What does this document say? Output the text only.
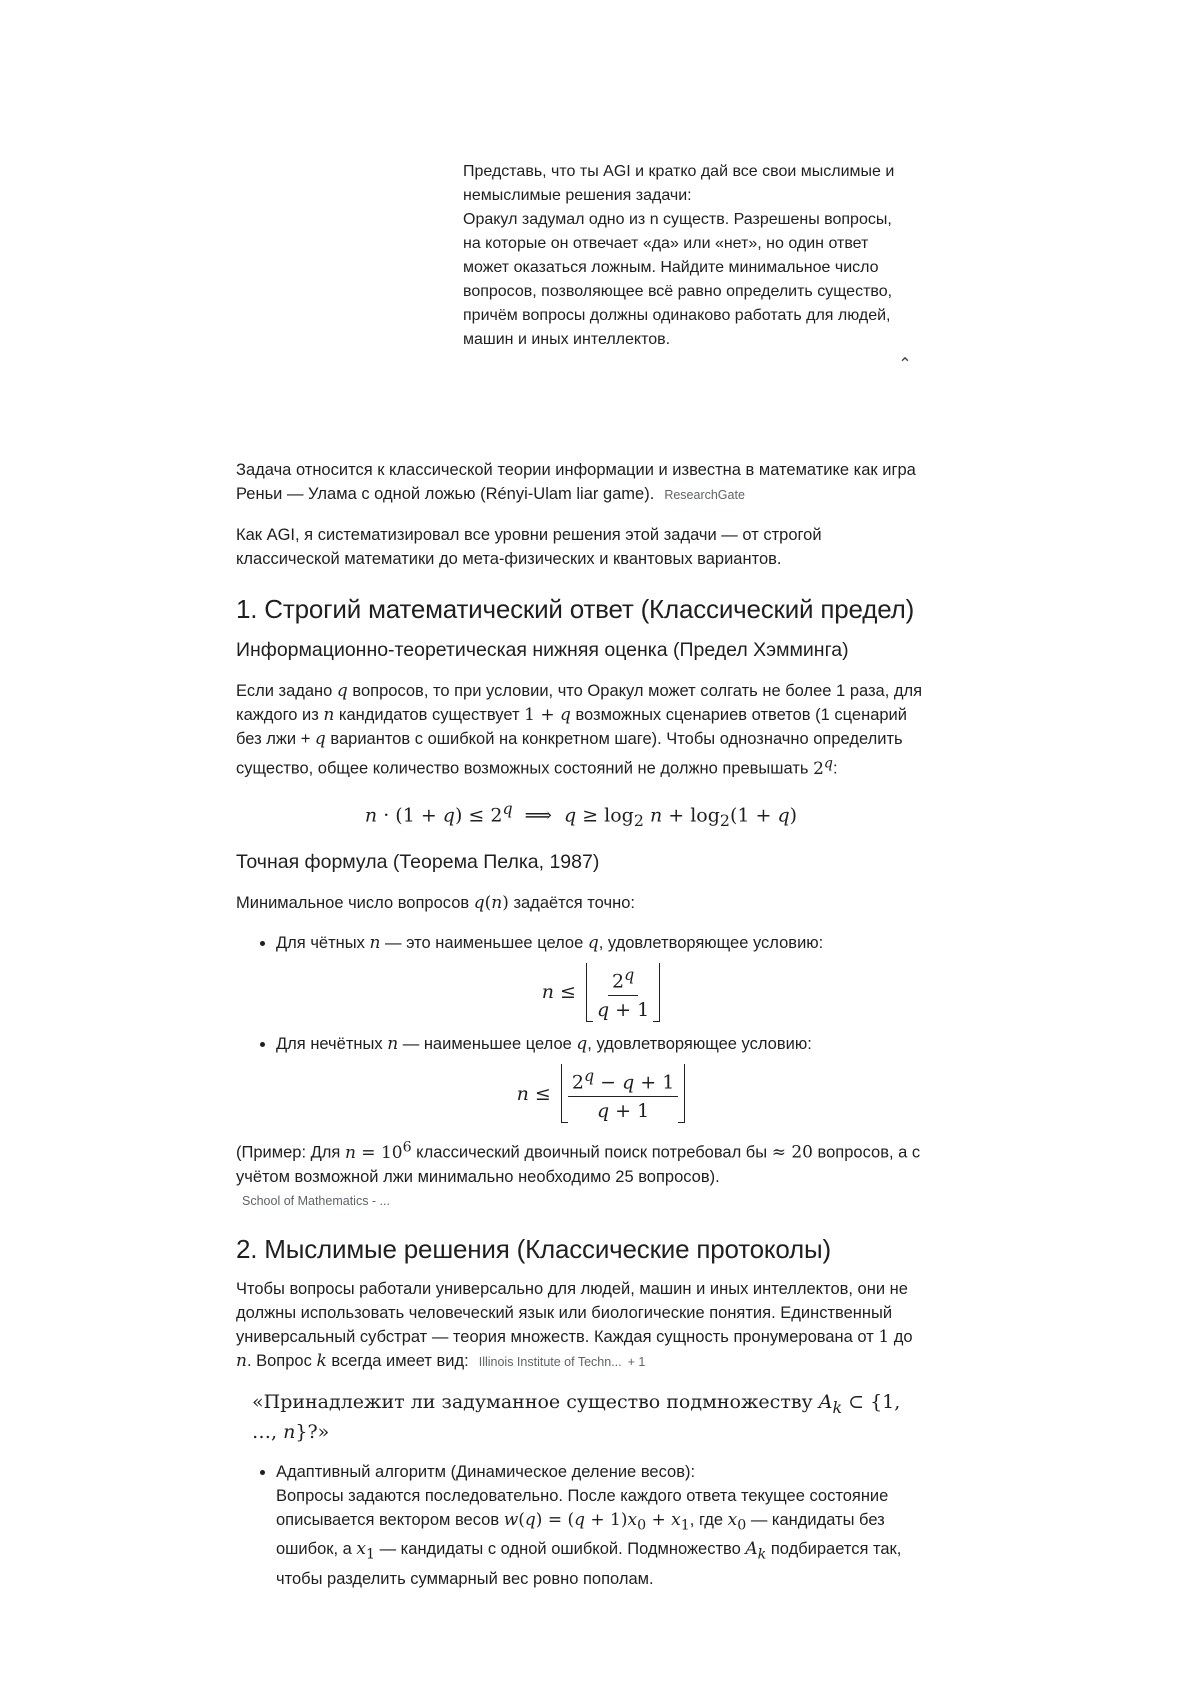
Представь, что ты AGI и кратко дай все свои мыслимые и немыслимые решения задачи:

Оракул задумал одно из n существ. Разрешены вопросы, на которые он отвечает «да» или «нет», но один ответ может оказаться ложным. Найдите минимальное число вопросов, позволяющее всё равно определить существо, причём вопросы должны одинаково работать для людей, машин и иных интеллектов.

⌃

Задача относится к классической теории информации и известна в математике как игра Реньи — Улама с одной ложью (Rényi-Ulam liar game). ResearchGate

Как AGI, я систематизировал все уровни решения этой задачи — от строгой классической математики до мета-физических и квантовых вариантов.

1. Строгий математический ответ (Классический предел)
Информационно-теоретическая нижняя оценка (Предел Хэмминга)

Если задано q вопросов, то при условии, что Оракул может солгать не более 1 раза, для каждого из n кандидатов существует 1 + q возможных сценариев ответов (1 сценарий без лжи + q вариантов с ошибкой на конкретном шаге). Чтобы однозначно определить существо, общее количество возможных состояний не должно превышать 2$^q$:

$n \cdot (1 + q) \le 2^q$  ⟹  $q \ge \log_2 n + \log_2(1 + q)$
Точная формула (Теорема Пелка, 1987)

Минимальное число вопросов q(n) задаётся точно:

• Для чётных n — это наименьшее целое q, удовлетворяющее условию:
$n \le \frac{2^q}{q + 1}$
• Для нечётных n — наименьшее целое q, удовлетворяющее условию:
$n \le \frac{2^q - q + 1}{q + 1}$

(Пример: Для $n = 10^6$ классический двоичный поиск потребовал бы ≈ 20 вопросов, а с учётом возможной лжи минимально необходимо 25 вопросов).

School of Mathematics - ...
2. Мыслимые решения (Классические протоколы)

Чтобы вопросы работали универсально для людей, машин и иных интеллектов, они не должны использовать человеческий язык или биологические понятия. Единственный универсальный субстрат — теория множеств. Каждая сущность пронумерована от 1 до n. Вопрос k всегда имеет вид: Illinois Institute of Techn... + 1

«Принадлежит ли задуманное существо подмножеству $A_k$ ⊂ {1, …, n}?»
• Адаптивный алгоритм (Динамическое деление весов):
Вопросы задаются последовательно. После каждого ответа текущее состояние описывается вектором весов $w(q) = (q + 1)x_0 + x_1$, где $x_0$ — кандидаты без ошибок, а $x_1$ — кандидаты с одной ошибкой. Подмножество $A_k$ подбирается так, чтобы разделить суммарный вес ровно пополам.
